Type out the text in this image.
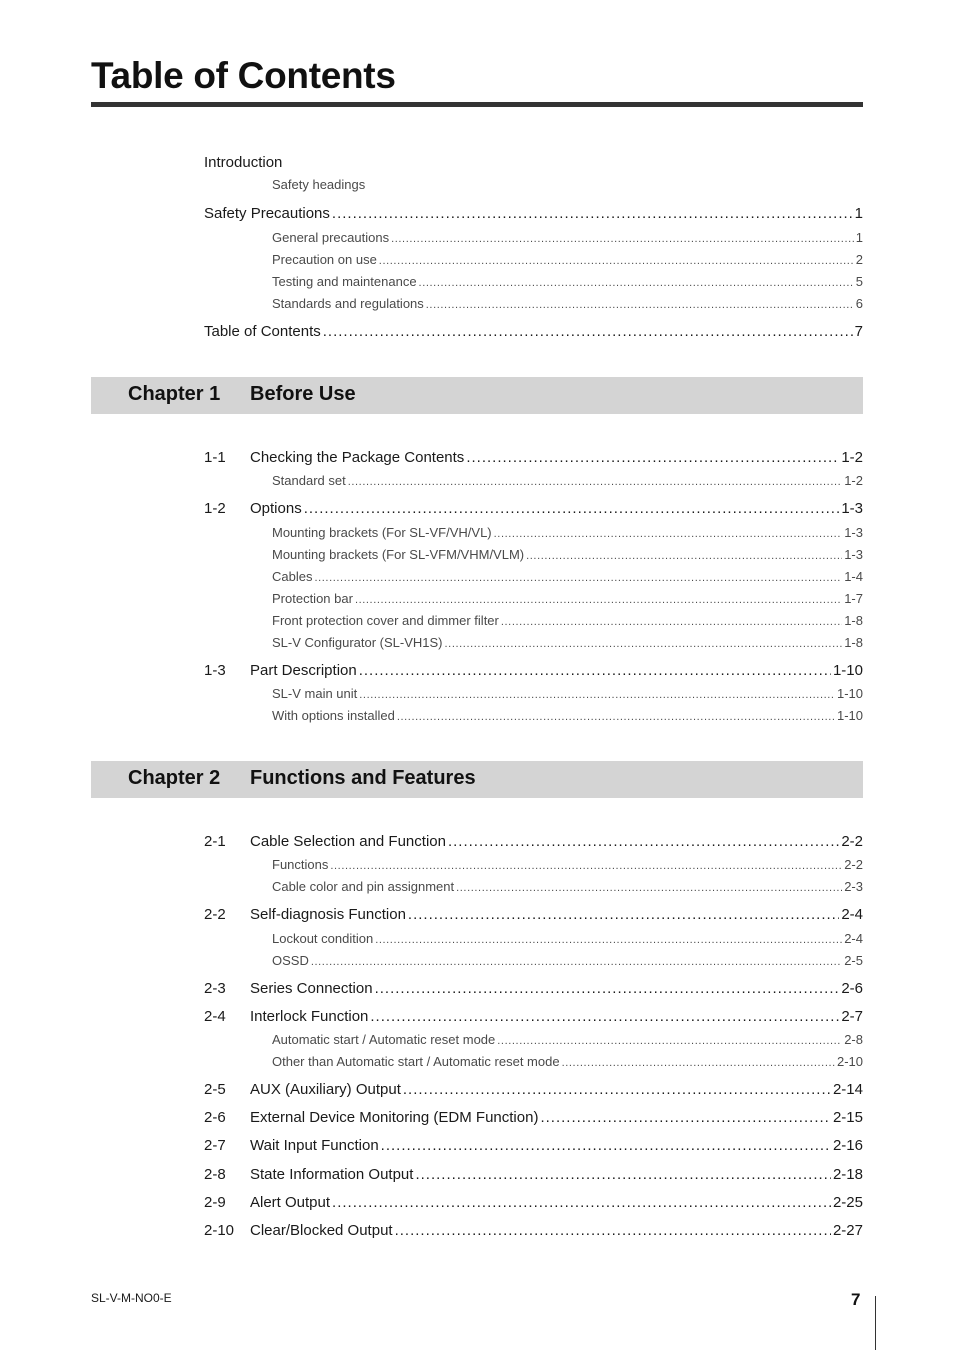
Table of Contents
Introduction
Safety headings
Safety Precautions .....	1
General precautions .....	1
Precaution on use .....	2
Testing and maintenance .....	5
Standards and regulations .....	6
Table of Contents .....	7
Chapter 1 Before Use
1-1	Checking the Package Contents .....	1-2
Standard set .....	1-2
1-2	Options .....	1-3
Mounting brackets (For SL-VF/VH/VL) .....	1-3
Mounting brackets (For SL-VFM/VHM/VLM) .....	1-3
Cables .....	1-4
Protection bar .....	1-7
Front protection cover and dimmer filter .....	1-8
SL-V Configurator (SL-VH1S) .....	1-8
1-3	Part Description .....	1-10
SL-V main unit .....	1-10
With options installed .....	1-10
Chapter 2 Functions and Features
2-1	Cable Selection and Function .....	2-2
Functions .....	2-2
Cable color and pin assignment .....	2-3
2-2	Self-diagnosis Function .....	2-4
Lockout condition .....	2-4
OSSD .....	2-5
2-3	Series Connection .....	2-6
2-4	Interlock Function .....	2-7
Automatic start / Automatic reset mode .....	2-8
Other than Automatic start / Automatic reset mode .....	2-10
2-5	AUX (Auxiliary) Output .....	2-14
2-6	External Device Monitoring (EDM Function) .....	2-15
2-7	Wait Input Function .....	2-16
2-8	State Information Output .....	2-18
2-9	Alert Output .....	2-25
2-10	Clear/Blocked Output .....	2-27
SL-V-M-NO0-E	7
